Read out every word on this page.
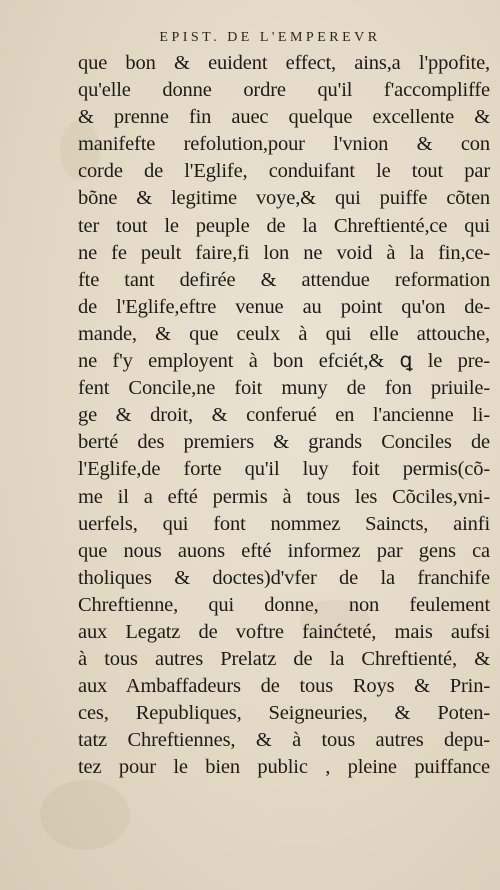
EPIST. DE L'EMPEREVR
que bon & euident effect, ains,a l'ppofite,
qu'elle donne ordre qu'il f'accompliffe
& prenne fin auec quelque excellente &
manifefte refolution,pour l'vnion & con
corde de l'Eglife, conduifant le tout par
bõne & legitime voye,& qui puiffe cõten
ter tout le peuple de la Chreftienté,ce qui
ne fe peult faire,fi lon ne void à la fin,ce-
fte tant defirée & attendue reformation
de l'Eglife,eftre venue au point qu'on de-
mande, & que ceulx à qui elle attouche,
ne f'y employent à bon efciét,& ꝗ le pre-
fent Concile,ne foit muny de fon priuile-
ge & droit, & conferué en l'ancienne li-
berté des premiers & grands Conciles de
l'Eglife,de forte qu'il luy foit permis(cõ-
me il a efté permis à tous les Cõciles,vni-
uerfels, qui font nommez Saincts, ainfi
que nous auons efté informez par gens ca
tholiques & doctes)d'vfer de la franchife
Chreftienne, qui donne, non feulement
aux Legatz de voftre fainćteté, mais aufsi
à tous autres Prelatz de la Chreftienté, &
aux Ambaffadeurs de tous Roys & Prin-
ces, Republiques, Seigneuries, & Poten-
tatz Chreftiennes, & à tous autres depu-
tez pour le bien public , pleine puiffance
